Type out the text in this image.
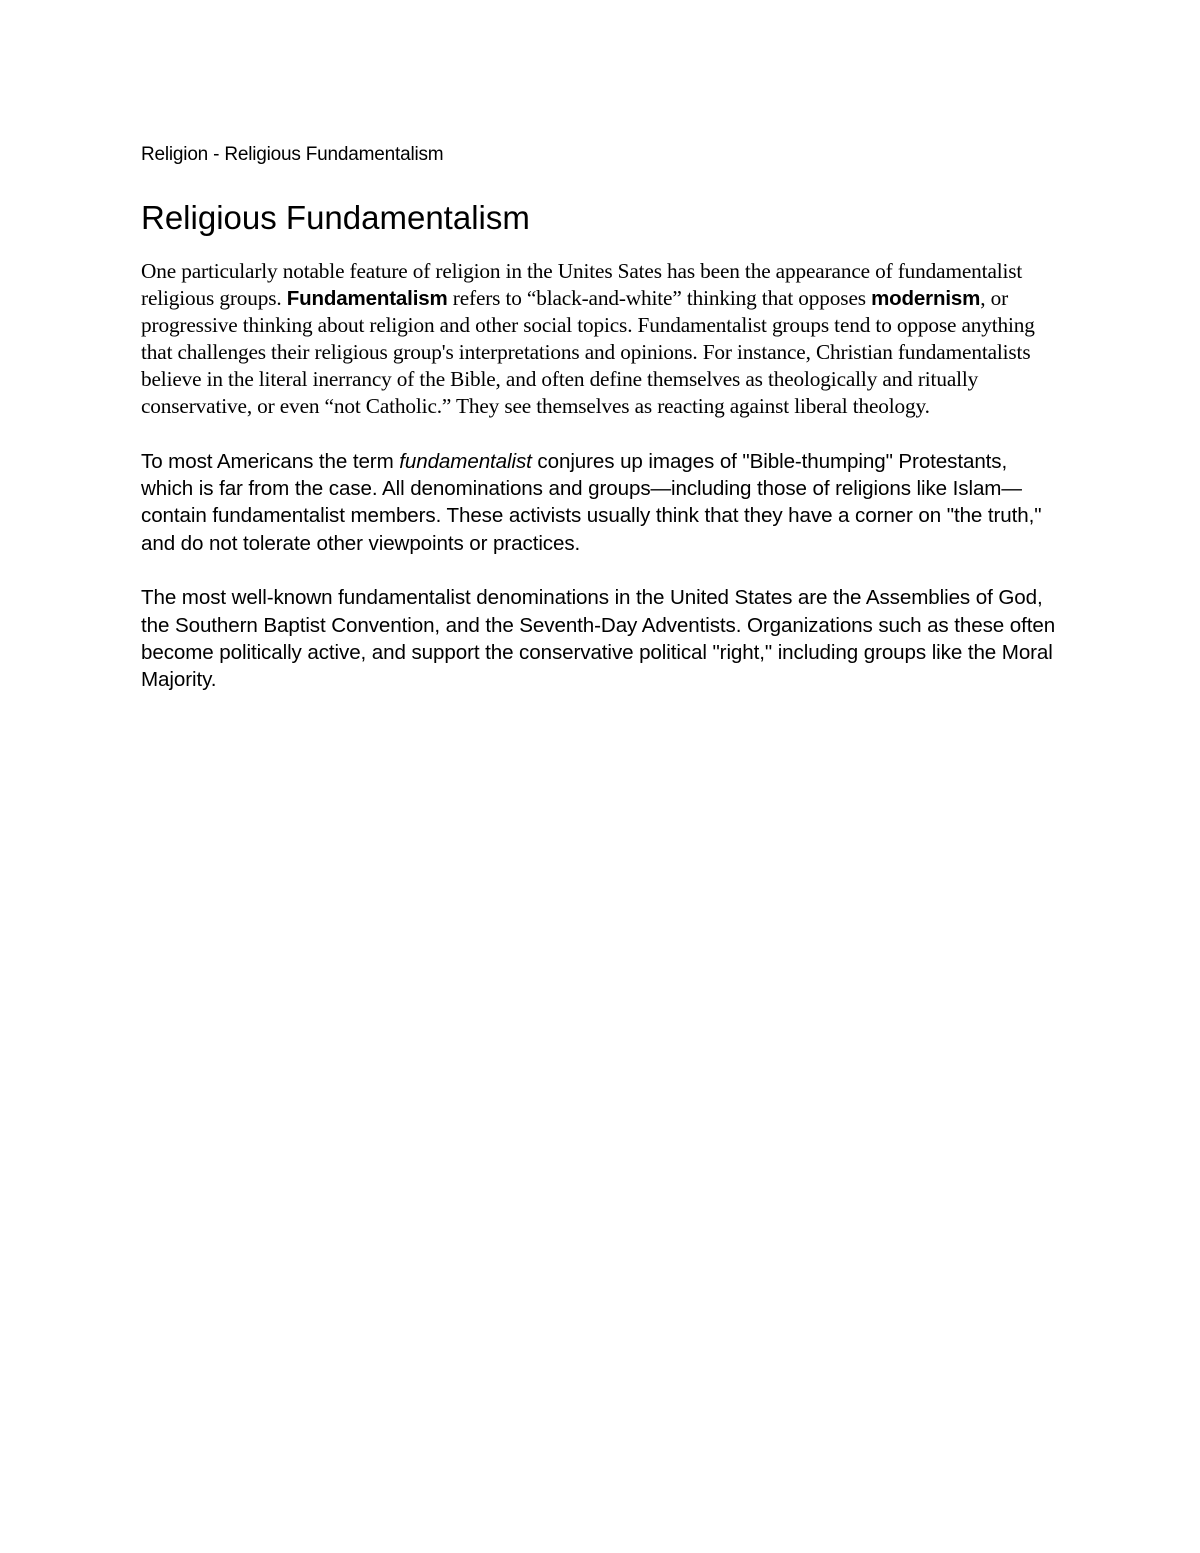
Religion - Religious Fundamentalism
Religious Fundamentalism

One particularly notable feature of religion in the Unites Sates has been the appearance of fundamentalist religious groups. Fundamentalism refers to “black-and-white” thinking that opposes modernism, or progressive thinking about religion and other social topics. Fundamentalist groups tend to oppose anything that challenges their religious group's interpretations and opinions. For instance, Christian fundamentalists believe in the literal inerrancy of the Bible, and often define themselves as theologically and ritually conservative, or even “not Catholic.” They see themselves as reacting against liberal theology.

To most Americans the term fundamentalist conjures up images of "Bible-thumping" Protestants, which is far from the case. All denominations and groups—including those of religions like Islam—contain fundamentalist members. These activists usually think that they have a corner on "the truth," and do not tolerate other viewpoints or practices.

The most well-known fundamentalist denominations in the United States are the Assemblies of God, the Southern Baptist Convention, and the Seventh-Day Adventists. Organizations such as these often become politically active, and support the conservative political "right," including groups like the Moral Majority.
